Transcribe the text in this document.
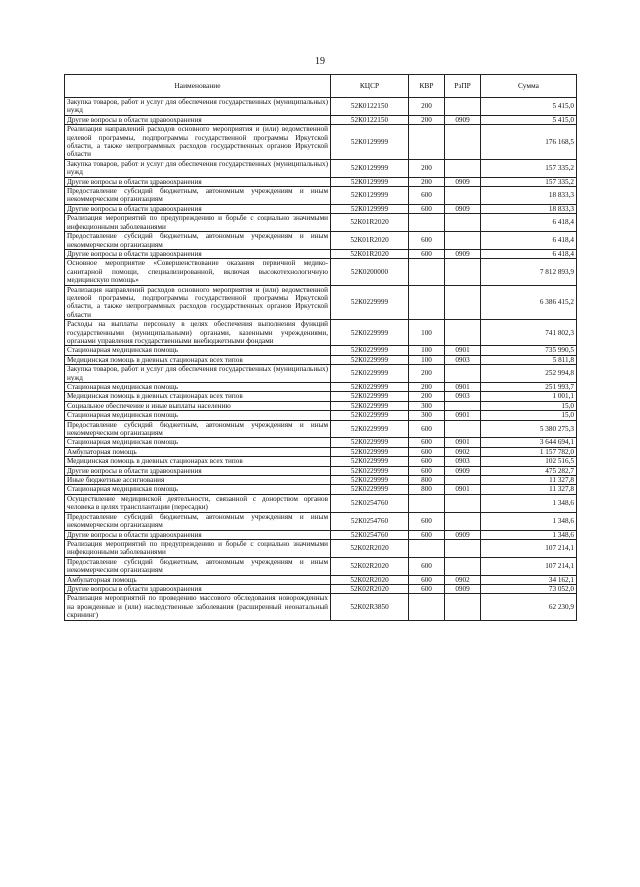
19
Наименование	КЦСР	КВР	РзПР	Сумма
Закупка товаров, работ и услуг для обеспечения государственных (муниципальных) нужд	52К0122150	200		5 415,0
Другие вопросы в области здравоохранения	52К0122150	200	0909	5 415,0
Реализация направлений расходов основного мероприятия и (или) ведомственной целевой программы, подпрограммы государственной программы Иркутской области, а также непрограммных расходов государственных органов Иркутской области	52К0129999			176 168,5
Закупка товаров, работ и услуг для обеспечения государственных (муниципальных) нужд	52К0129999	200		157 335,2
Другие вопросы в области здравоохранения	52К0129999	200	0909	157 335,2
Предоставление субсидий бюджетным, автономным учреждениям и иным некоммерческим организациям	52К0129999	600		18 833,3
Другие вопросы в области здравоохранения	52К0129999	600	0909	18 833,3
Реализация мероприятий по предупреждению и борьбе с социально значимыми инфекционными заболеваниями	52К01R2020			6 418,4
Предоставление субсидий бюджетным, автономным учреждениям и иным некоммерческим организациям	52К01R2020	600		6 418,4
Другие вопросы в области здравоохранения	52К01R2020	600	0909	6 418,4
Основное мероприятие «Совершенствование оказания первичной медико-санитарной помощи, специализированной, включая высокотехнологичную медицинскую помощь»	52К0200000			7 812 893,9
Реализация направлений расходов основного мероприятия и (или) ведомственной целевой программы, подпрограммы государственной программы Иркутской области, а также непрограммных расходов государственных органов Иркутской области	52К0229999			6 386 415,2
Расходы на выплаты персоналу в целях обеспечения выполнения функций государственными (муниципальными) органами, казенными учреждениями, органами управления государственными внебюджетными фондами	52К0229999	100		741 802,3
Стационарная медицинская помощь	52К0229999	100	0901	735 990,5
Медицинская помощь в дневных стационарах всех типов	52К0229999	100	0903	5 811,8
Закупка товаров, работ и услуг для обеспечения государственных (муниципальных) нужд	52К0229999	200		252 994,8
Стационарная медицинская помощь	52К0229999	200	0901	251 993,7
Медицинская помощь в дневных стационарах всех типов	52К0229999	200	0903	1 001,1
Социальное обеспечение и иные выплаты населению	52К0229999	300		15,0
Стационарная медицинская помощь	52К0229999	300	0901	15,0
Предоставление субсидий бюджетным, автономным учреждениям и иным некоммерческим организациям	52К0229999	600		5 380 275,3
Стационарная медицинская помощь	52К0229999	600	0901	3 644 694,1
Амбулаторная помощь	52К0229999	600	0902	1 157 782,0
Медицинская помощь в дневных стационарах всех типов	52К0229999	600	0903	102 516,5
Другие вопросы в области здравоохранения	52К0229999	600	0909	475 282,7
Иные бюджетные ассигнования	52К0229999	800		11 327,8
Стационарная медицинская помощь	52К0229999	800	0901	11 327,8
Осуществление медицинской деятельности, связанной с донорством органов человека в целях трансплантации (пересадки)	52К0254760			1 348,6
Предоставление субсидий бюджетным, автономным учреждениям и иным некоммерческим организациям	52К0254760	600		1 348,6
Другие вопросы в области здравоохранения	52К0254760	600	0909	1 348,6
Реализация мероприятий по предупреждению и борьбе с социально значимыми инфекционными заболеваниями	52К02R2020			107 214,1
Предоставление субсидий бюджетным, автономным учреждениям и иным некоммерческим организациям	52К02R2020	600		107 214,1
Амбулаторная помощь	52К02R2020	600	0902	34 162,1
Другие вопросы в области здравоохранения	52К02R2020	600	0909	73 052,0
Реализация мероприятий по проведению массового обследования новорожденных на врожденные и (или) наследственные заболевания (расширенный неонатальный скрининг)	52К02R3850			62 230,9
